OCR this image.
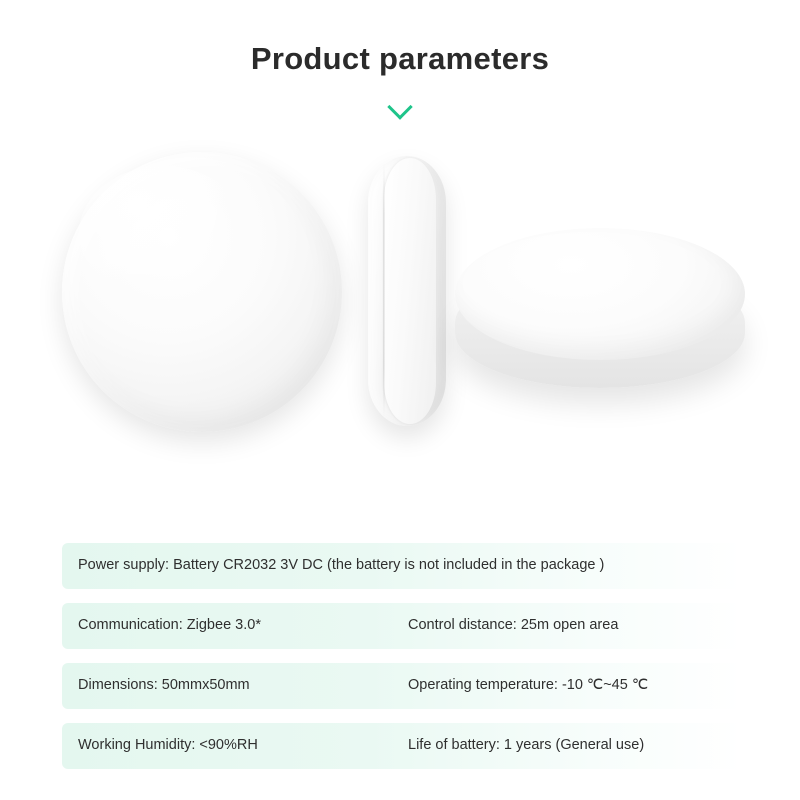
Product parameters
Power supply: Battery CR2032 3V DC (the battery is not included in the package )
Communication: Zigbee 3.0*	Control distance: 25m open area
Dimensions: 50mmx50mm	Operating temperature: -10 ℃~45 ℃
Working Humidity: <90%RH	Life of battery: 1 years (General use)
